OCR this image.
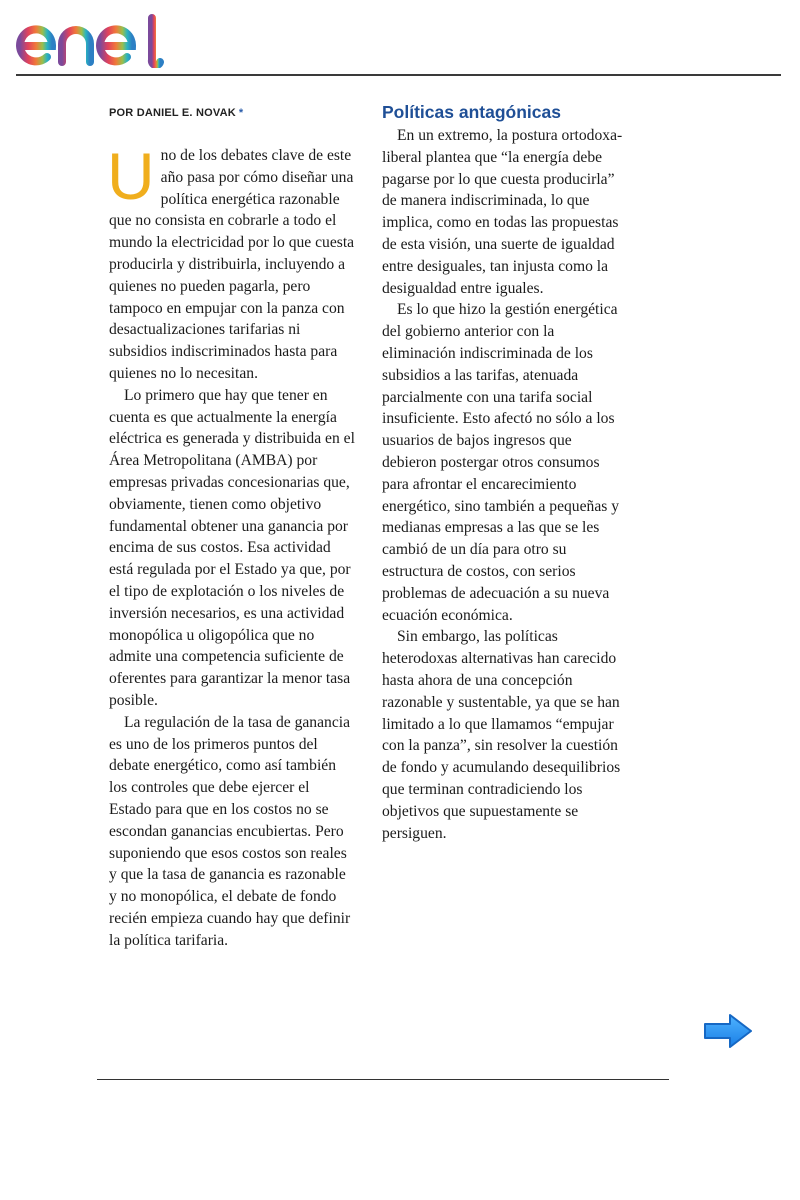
POR DANIEL E. NOVAK *

Uno de los debates clave de este año pasa por cómo diseñar una política energética razonable que no consista en cobrarle a todo el mundo la electricidad por lo que cuesta producirla y distribuirla, incluyendo a quienes no pueden pagarla, pero tampoco en empujar con la panza con desactualizaciones tarifarias ni subsidios indiscriminados hasta para quienes no lo necesitan.

Lo primero que hay que tener en cuenta es que actualmente la energía eléctrica es generada y distribuida en el Área Metropolitana (AMBA) por empresas privadas concesionarias que, obviamente, tienen como objetivo fundamental obtener una ganancia por encima de sus costos. Esa actividad está regulada por el Estado ya que, por el tipo de explotación o los niveles de inversión necesarios, es una actividad monopólica u oligopólica que no admite una competencia suficiente de oferentes para garantizar la menor tasa posible.

La regulación de la tasa de ganancia es uno de los primeros puntos del debate energético, como así también los controles que debe ejercer el Estado para que en los costos no se escondan ganancias encubiertas. Pero suponiendo que esos costos son reales y que la tasa de ganancia es razonable y no monopólica, el debate de fondo recién empieza cuando hay que definir la política tarifaria.

Políticas antagónicas

En un extremo, la postura ortodoxa-liberal plantea que “la energía debe pagarse por lo que cuesta producirla” de manera indiscriminada, lo que implica, como en todas las propuestas de esta visión, una suerte de igualdad entre desiguales, tan injusta como la desigualdad entre iguales.

Es lo que hizo la gestión energética del gobierno anterior con la eliminación indiscriminada de los subsidios a las tarifas, atenuada parcialmente con una tarifa social insuficiente. Esto afectó no sólo a los usuarios de bajos ingresos que debieron postergar otros consumos para afrontar el encarecimiento energético, sino también a pequeñas y medianas empresas a las que se les cambió de un día para otro su estructura de costos, con serios problemas de adecuación a su nueva ecuación económica.

Sin embargo, las políticas heterodoxas alternativas han carecido hasta ahora de una concepción razonable y sustentable, ya que se han limitado a lo que llamamos “empujar con la panza”, sin resolver la cuestión de fondo y acumulando desequilibrios que terminan contradiciendo los objetivos que supuestamente se persiguen.
